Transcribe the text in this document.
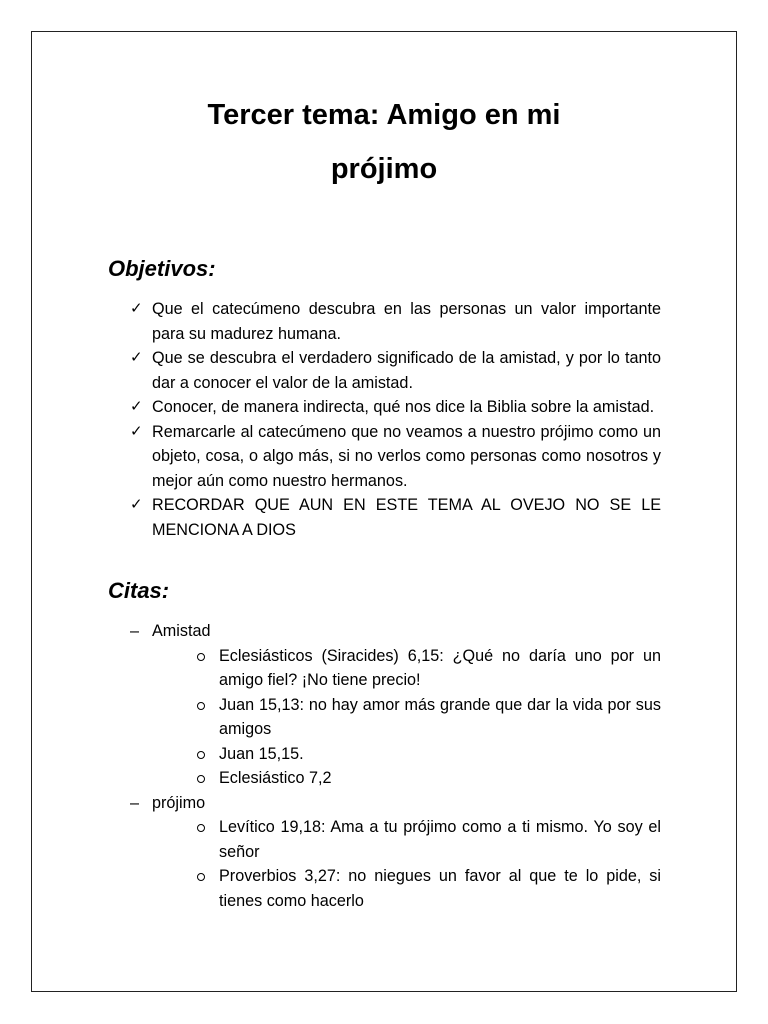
Tercer tema: Amigo en mi
prójimo
Objetivos:
✓ Que el catecúmeno descubra en las personas un valor importante para su madurez humana.
✓ Que se descubra el verdadero significado de la amistad, y por lo tanto dar a conocer el valor de la amistad.
✓ Conocer, de manera indirecta, qué nos dice la Biblia sobre la amistad.
✓ Remarcarle al catecúmeno que no veamos a nuestro prójimo como un objeto, cosa, o algo más, si no verlos como personas como nosotros y mejor aún como nuestro hermanos.
✓ RECORDAR QUE AUN EN ESTE TEMA AL OVEJO NO SE LE MENCIONA A DIOS
Citas:
– Amistad
Eclesiásticos (Siracides) 6,15: ¿Qué no daría uno por un amigo fiel? ¡No tiene precio!
Juan 15,13: no hay amor más grande que dar la vida por sus amigos
Juan 15,15.
Eclesiástico 7,2
– prójimo
Levítico 19,18: Ama a tu prójimo como a ti mismo. Yo soy el señor
Proverbios 3,27: no niegues un favor al que te lo pide, si tienes como hacerlo
